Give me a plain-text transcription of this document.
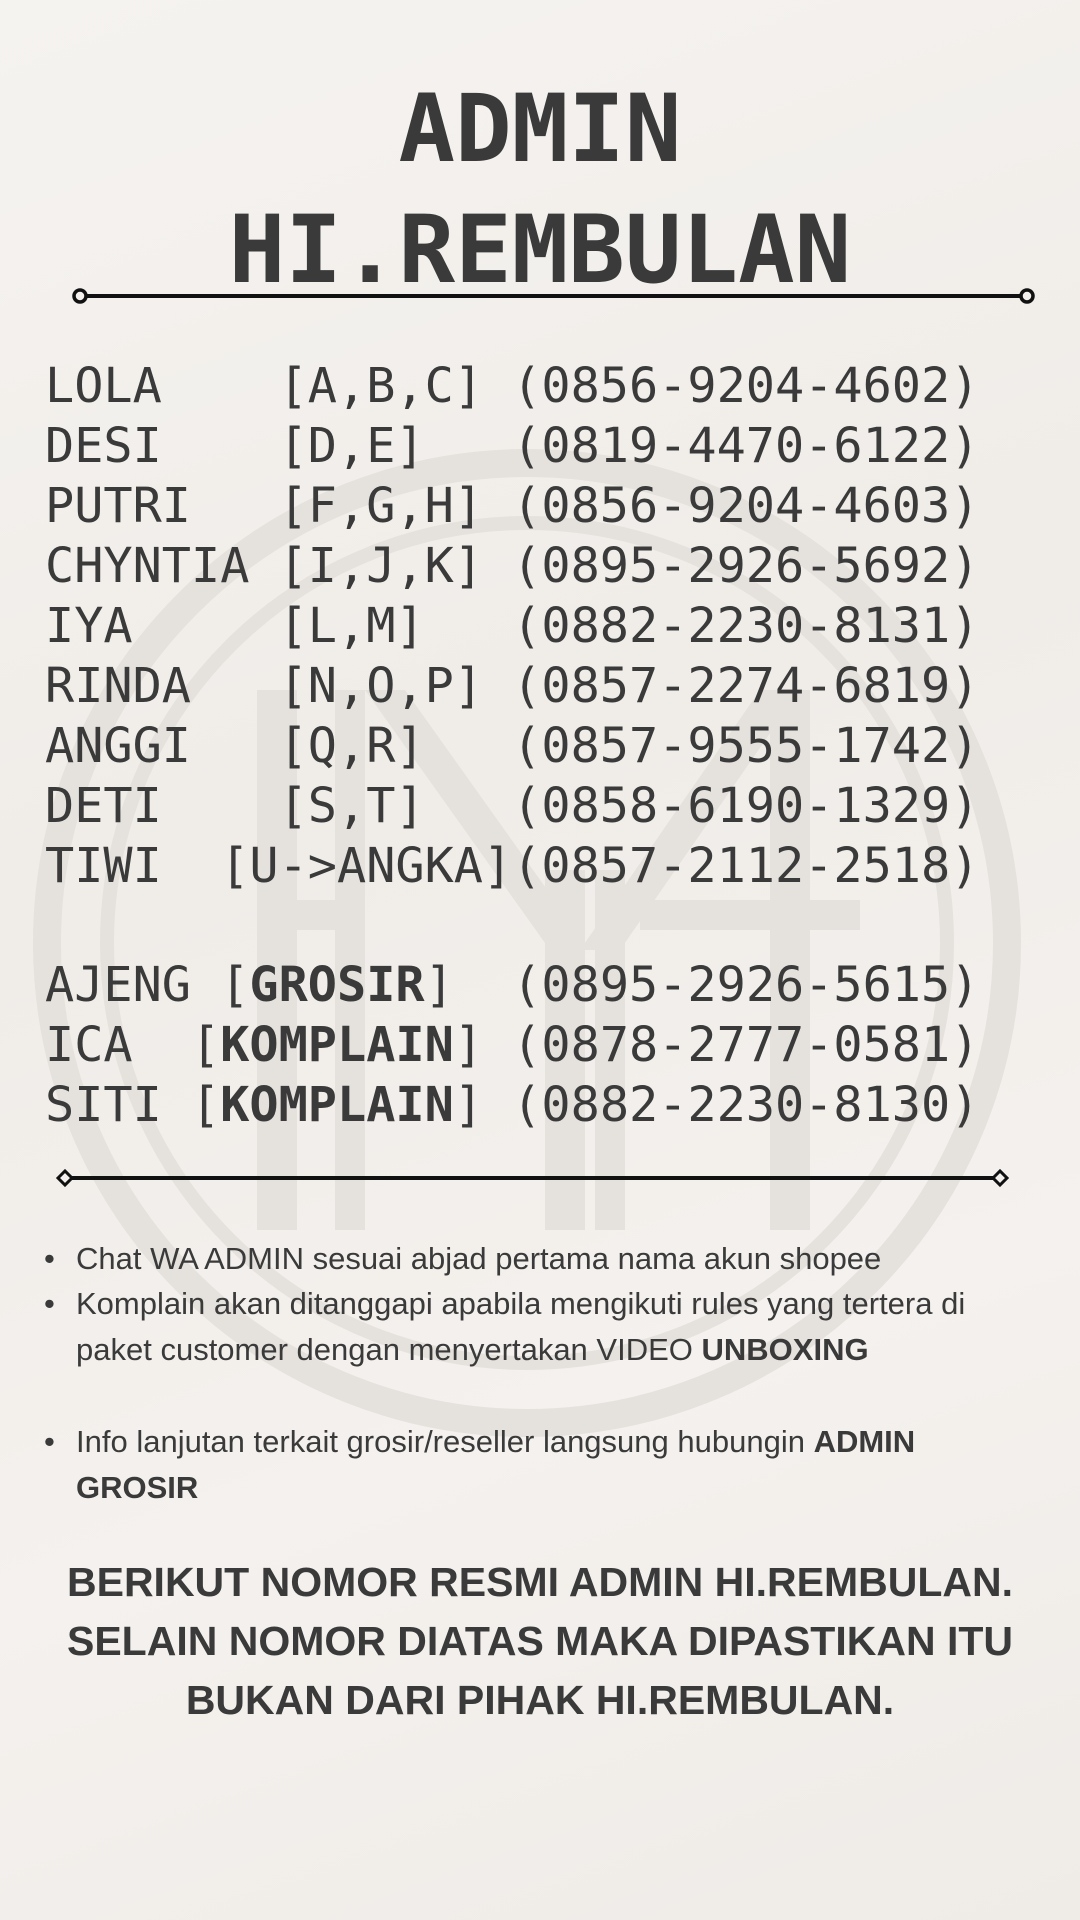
ADMIN
HI.REMBULAN
LOLA    [A,B,C] (0856-9204-4602)
DESI    [D,E]   (0819-4470-6122)
PUTRI   [F,G,H] (0856-9204-4603)
CHYNTIA [I,J,K] (0895-2926-5692)
IYA     [L,M]   (0882-2230-8131)
RINDA   [N,O,P] (0857-2274-6819)
ANGGI   [Q,R]   (0857-9555-1742)
DETI    [S,T]   (0858-6190-1329)
TIWI  [U->ANGKA](0857-2112-2518)
AJENG [GROSIR]  (0895-2926-5615)
ICA  [KOMPLAIN] (0878-2777-0581)
SITI [KOMPLAIN] (0882-2230-8130)
• Chat WA ADMIN sesuai abjad pertama nama akun shopee
• Komplain akan ditanggapi apabila mengikuti rules yang tertera di paket customer dengan menyertakan VIDEO UNBOXING
• Info lanjutan terkait grosir/reseller langsung hubungin ADMIN GROSIR
BERIKUT NOMOR RESMI ADMIN HI.REMBULAN.
SELAIN NOMOR DIATAS MAKA DIPASTIKAN ITU
BUKAN DARI PIHAK HI.REMBULAN.
